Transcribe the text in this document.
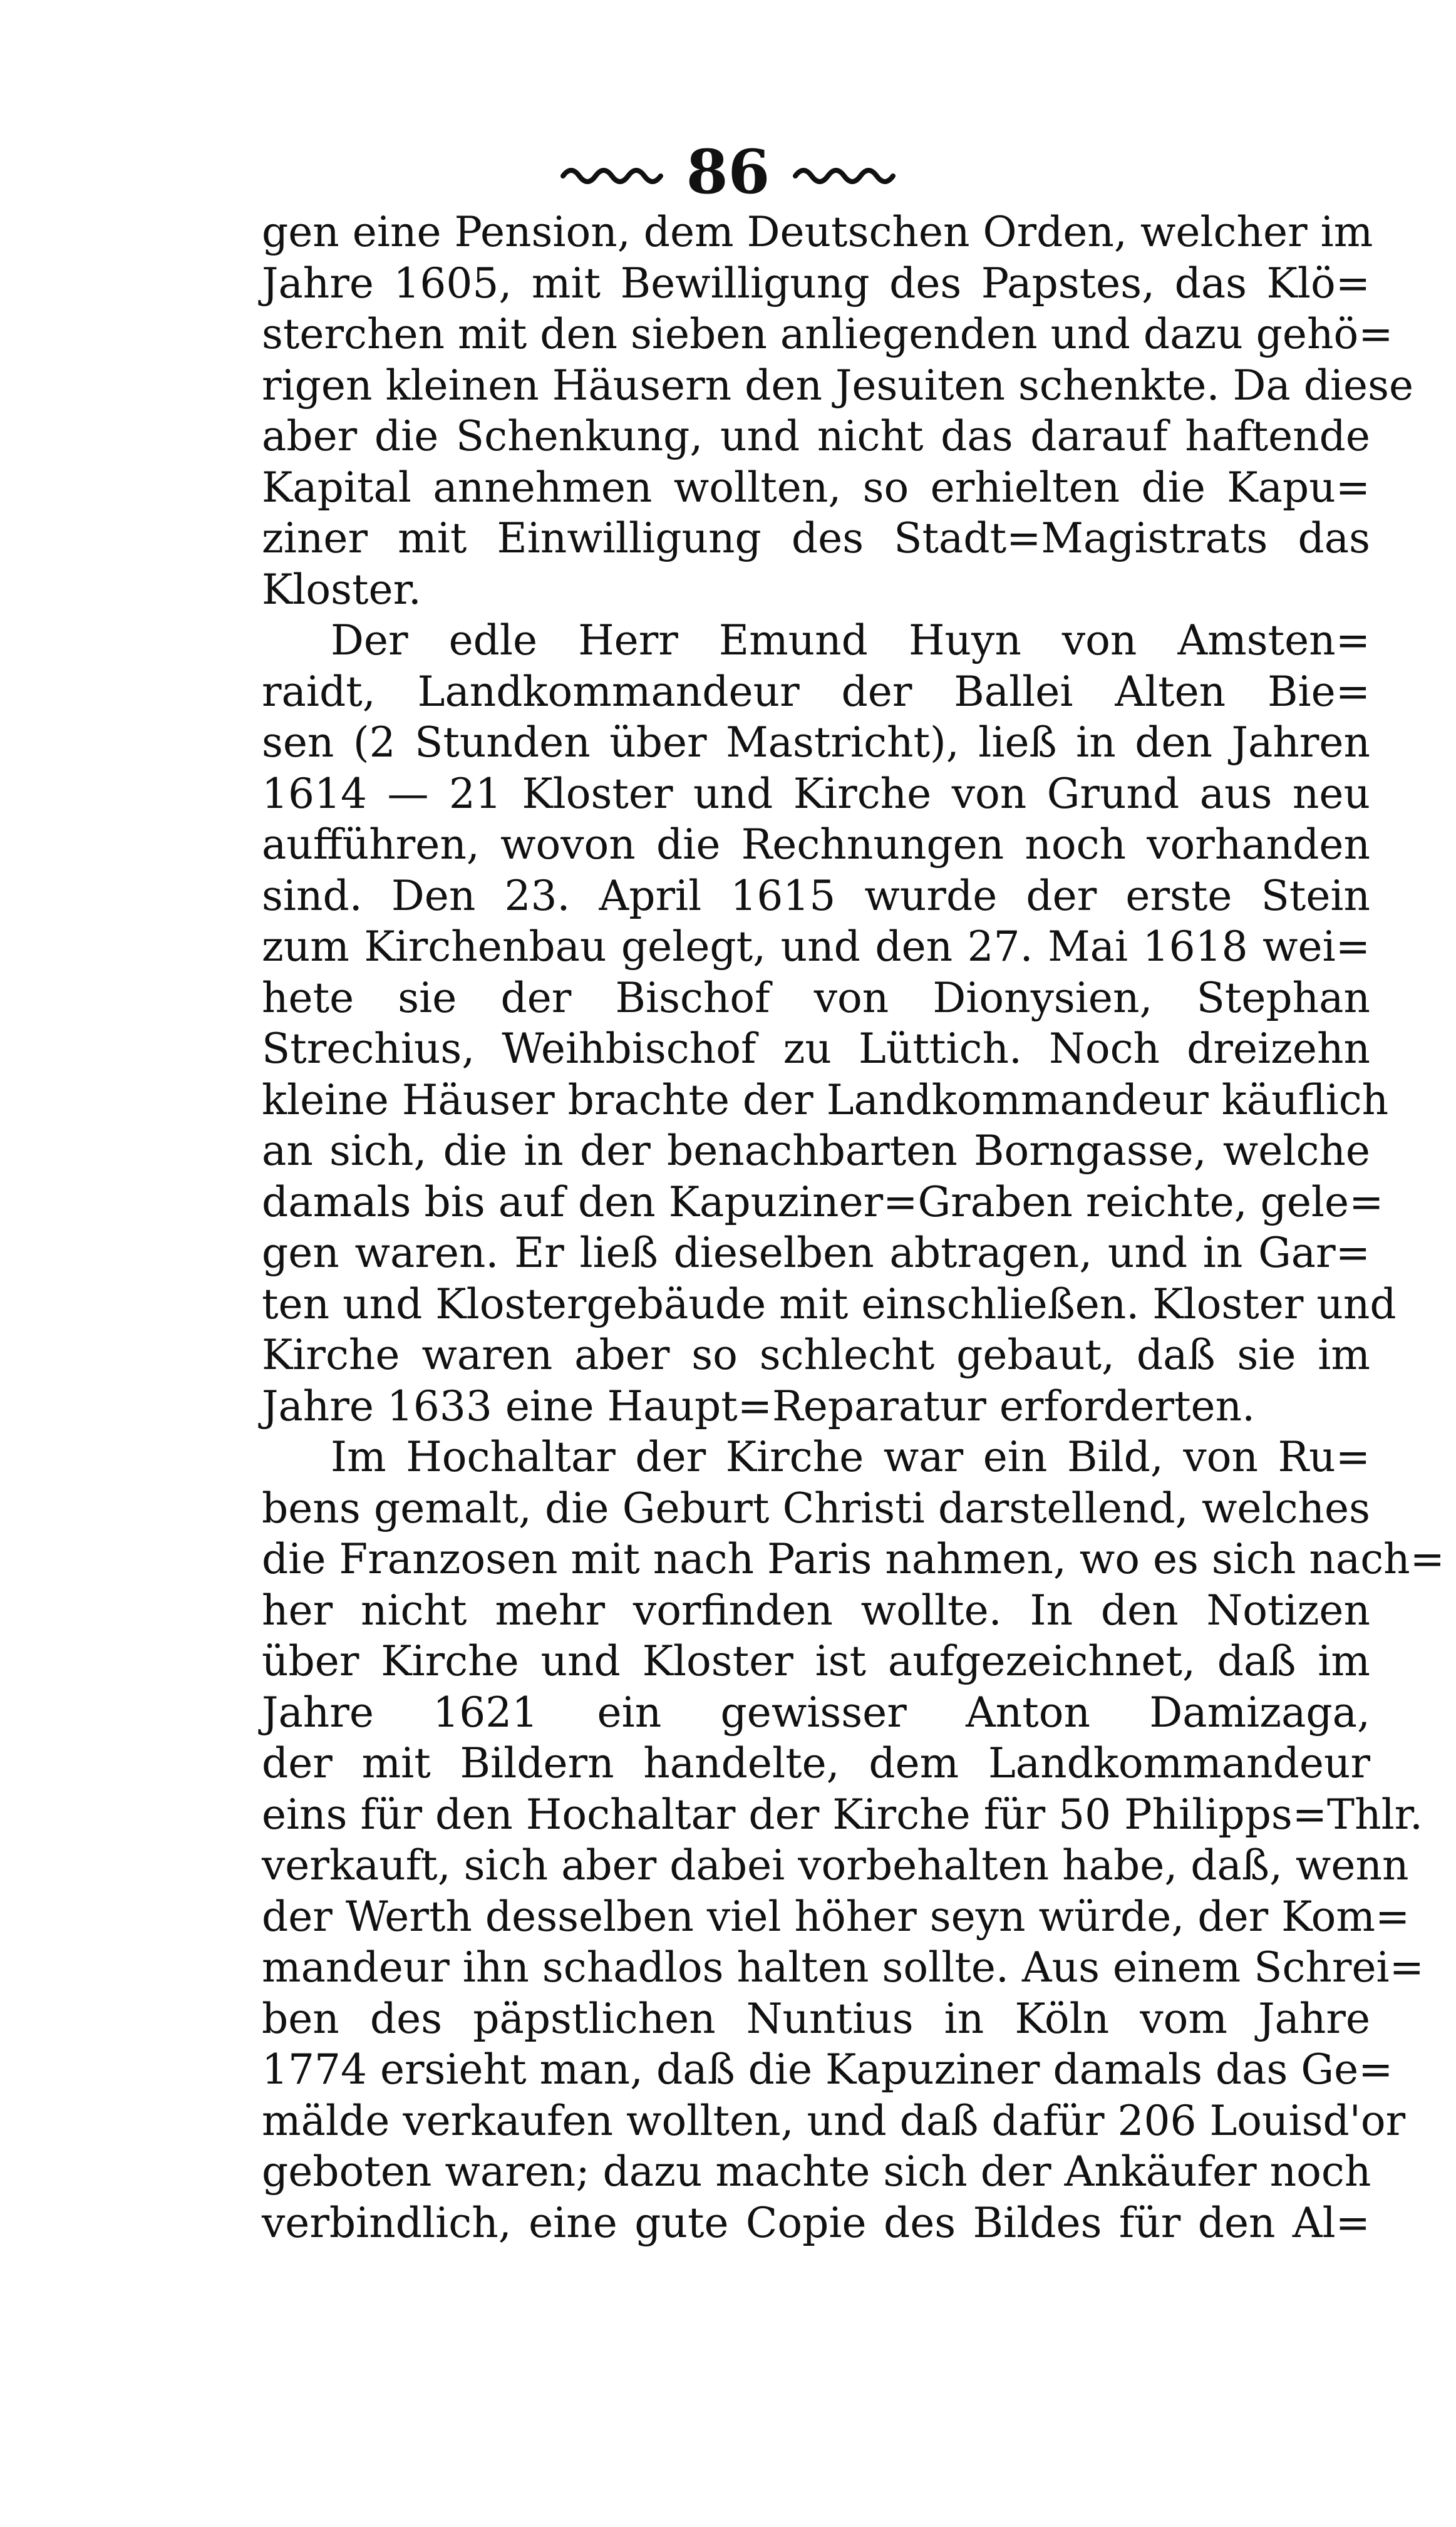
86
gen eine Pension, dem Deutschen Orden, welcher im
Jahre 1605, mit Bewilligung des Papstes, das Klö=
sterchen mit den sieben anliegenden und dazu gehö=
rigen kleinen Häusern den Jesuiten schenkte. Da diese
aber die Schenkung, und nicht das darauf haftende
Kapital annehmen wollten, so erhielten die Kapu=
ziner mit Einwilligung des Stadt=Magistrats das
Kloster.
Der edle Herr Emund Huyn von Amsten=
raidt, Landkommandeur der Ballei Alten Bie=
sen (2 Stunden über Mastricht), ließ in den Jahren
1614 — 21 Kloster und Kirche von Grund aus neu
aufführen, wovon die Rechnungen noch vorhanden
sind. Den 23. April 1615 wurde der erste Stein
zum Kirchenbau gelegt, und den 27. Mai 1618 wei=
hete sie der Bischof von Dionysien, Stephan
Strechius, Weihbischof zu Lüttich. Noch dreizehn
kleine Häuser brachte der Landkommandeur käuflich
an sich, die in der benachbarten Borngasse, welche
damals bis auf den Kapuziner=Graben reichte, gele=
gen waren. Er ließ dieselben abtragen, und in Gar=
ten und Klostergebäude mit einschließen. Kloster und
Kirche waren aber so schlecht gebaut, daß sie im
Jahre 1633 eine Haupt=Reparatur erforderten.
Im Hochaltar der Kirche war ein Bild, von Ru=
bens gemalt, die Geburt Christi darstellend, welches
die Franzosen mit nach Paris nahmen, wo es sich nach=
her nicht mehr vorfinden wollte. In den Notizen
über Kirche und Kloster ist aufgezeichnet, daß im
Jahre 1621 ein gewisser Anton Damizaga,
der mit Bildern handelte, dem Landkommandeur
eins für den Hochaltar der Kirche für 50 Philipps=Thlr.
verkauft, sich aber dabei vorbehalten habe, daß, wenn
der Werth desselben viel höher seyn würde, der Kom=
mandeur ihn schadlos halten sollte. Aus einem Schrei=
ben des päpstlichen Nuntius in Köln vom Jahre
1774 ersieht man, daß die Kapuziner damals das Ge=
mälde verkaufen wollten, und daß dafür 206 Louisd'or
geboten waren; dazu machte sich der Ankäufer noch
verbindlich, eine gute Copie des Bildes für den Al=
